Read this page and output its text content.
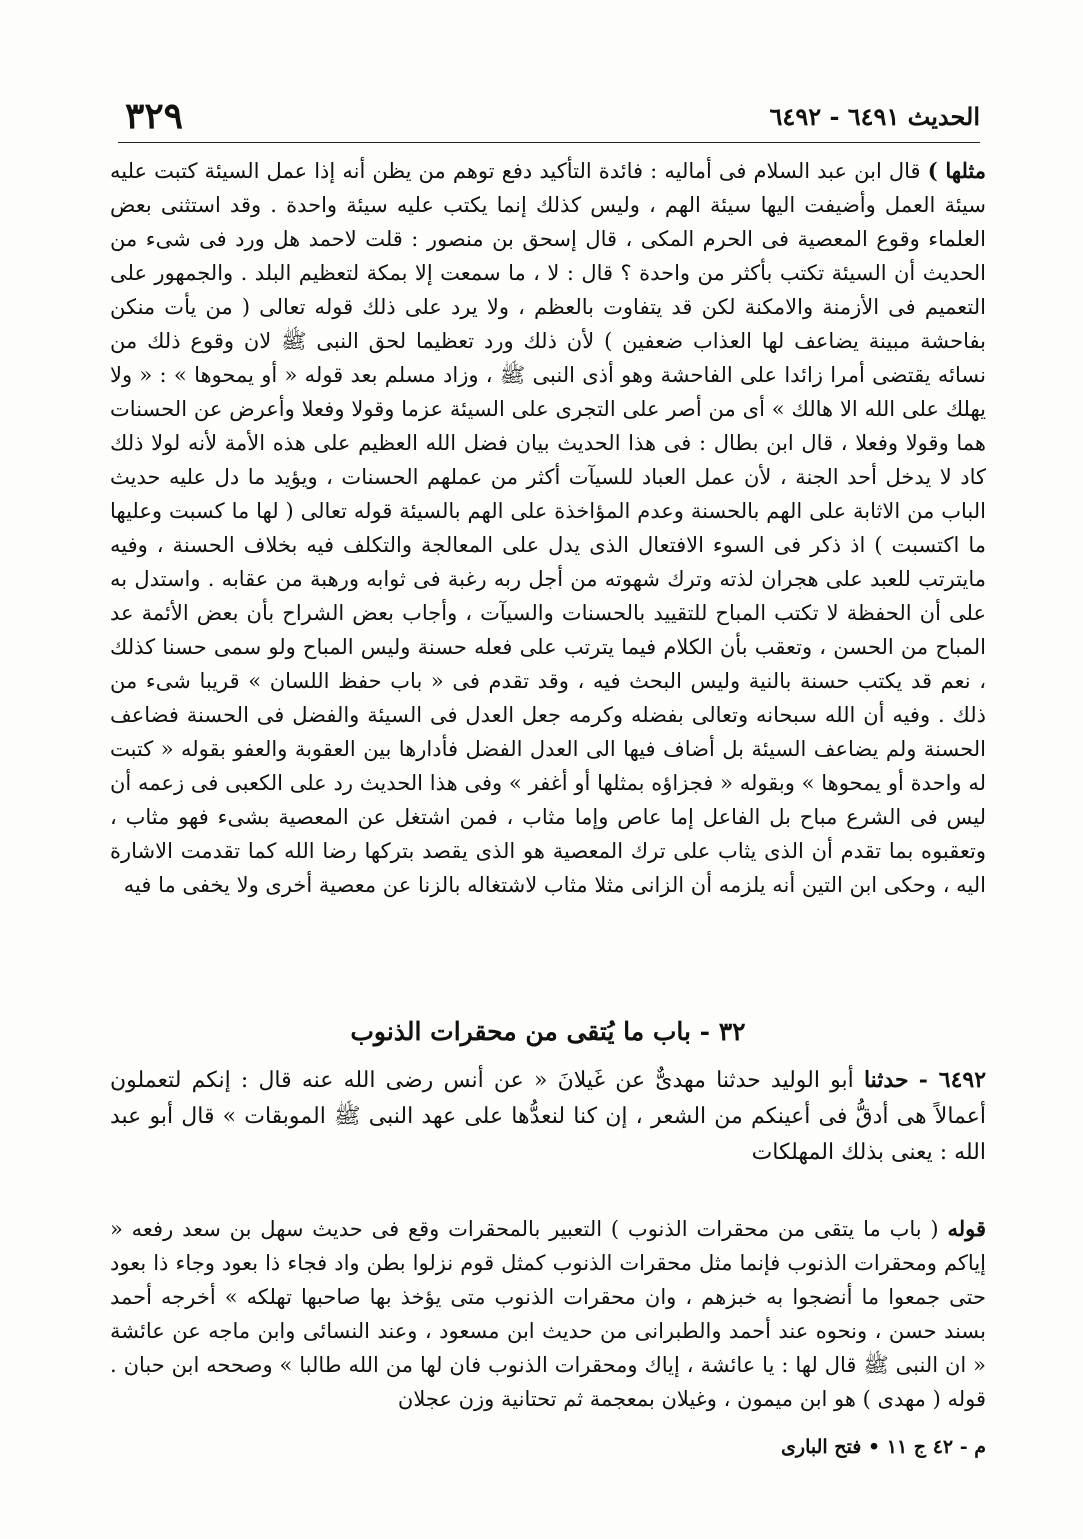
الحديث ٦٤٩١ - ٦٤٩٢
٣٢٩
مثلها ) قال ابن عبد السلام فى أماليه : فائدة التأكيد دفع توهم من يظن أنه إذا عمل السيئة كتبت عليه سيئة العمل وأضيفت اليها سيئة الهم ، وليس كذلك إنما يكتب عليه سيئة واحدة . وقد استثنى بعض العلماء وقوع المعصية فى الحرم المكى ، قال إسحق بن منصور : قلت لاحمد هل ورد فى شىء من الحديث أن السيئة تكتب بأكثر من واحدة ؟ قال : لا ، ما سمعت إلا بمكة لتعظيم البلد . والجمهور على التعميم فى الأزمنة والامكنة لكن قد يتفاوت بالعظم ، ولا يرد على ذلك قوله تعالى ( من يأت منكن بفاحشة مبينة يضاعف لها العذاب ضعفين ) لأن ذلك ورد تعظيما لحق النبى ﷺ لان وقوع ذلك من نسائه يقتضى أمرا زائدا على الفاحشة وهو أذى النبى ﷺ ، وزاد مسلم بعد قوله « أو يمحوها » : « ولا يهلك على الله الا هالك » أى من أصر على التجرى على السيئة عزما وقولا وفعلا وأعرض عن الحسنات هما وقولا وفعلا ، قال ابن بطال : فى هذا الحديث بيان فضل الله العظيم على هذه الأمة لأنه لولا ذلك كاد لا يدخل أحد الجنة ، لأن عمل العباد للسيآت أكثر من عملهم الحسنات ، ويؤيد ما دل عليه حديث الباب من الاثابة على الهم بالحسنة وعدم المؤاخذة على الهم بالسيئة قوله تعالى ( لها ما كسبت وعليها ما اكتسبت ) اذ ذكر فى السوء الافتعال الذى يدل على المعالجة والتكلف فيه بخلاف الحسنة ، وفيه مايترتب للعبد على هجران لذته وترك شهوته من أجل ربه رغبة فى ثوابه ورهبة من عقابه . واستدل به على أن الحفظة لا تكتب المباح للتقييد بالحسنات والسيآت ، وأجاب بعض الشراح بأن بعض الأئمة عد المباح من الحسن ، وتعقب بأن الكلام فيما يترتب على فعله حسنة وليس المباح ولو سمى حسنا كذلك ، نعم قد يكتب حسنة بالنية وليس البحث فيه ، وقد تقدم فى « باب حفظ اللسان » قريبا شىء من ذلك . وفيه أن الله سبحانه وتعالى بفضله وكرمه جعل العدل فى السيئة والفضل فى الحسنة فضاعف الحسنة ولم يضاعف السيئة بل أضاف فيها الى العدل الفضل فأدارها بين العقوبة والعفو بقوله « كتبت له واحدة أو يمحوها » وبقوله « فجزاؤه بمثلها أو أغفر » وفى هذا الحديث رد على الكعبى فى زعمه أن ليس فى الشرع مباح بل الفاعل إما عاص وإما مثاب ، فمن اشتغل عن المعصية بشىء فهو مثاب ، وتعقبوه بما تقدم أن الذى يثاب على ترك المعصية هو الذى يقصد بتركها رضا الله كما تقدمت الاشارة اليه ، وحكى ابن التين أنه يلزمه أن الزانى مثلا مثاب لاشتغاله بالزنا عن معصية أخرى ولا يخفى ما فيه
٣٢ - باب ما يُتقى من محقرات الذنوب
٦٤٩٢ - حدثنا أبو الوليد حدثنا مهدىٌّ عن غَيلانَ « عن أنس رضى الله عنه قال : إنكم لتعملون أعمالاً هى أدقُّ فى أعينكم من الشعر ، إن كنا لنعدُّها على عهد النبى ﷺ الموبقات » قال أبو عبد الله : يعنى بذلك المهلكات
قوله ( باب ما يتقى من محقرات الذنوب ) التعبير بالمحقرات وقع فى حديث سهل بن سعد رفعه « إياكم ومحقرات الذنوب فإنما مثل محقرات الذنوب كمثل قوم نزلوا بطن واد فجاء ذا بعود وجاء ذا بعود حتى جمعوا ما أنضجوا به خبزهم ، وان محقرات الذنوب متى يؤخذ بها صاحبها تهلكه » أخرجه أحمد بسند حسن ، ونحوه عند أحمد والطبرانى من حديث ابن مسعود ، وعند النسائى وابن ماجه عن عائشة « ان النبى ﷺ قال لها : يا عائشة ، إياك ومحقرات الذنوب فان لها من الله طالبا » وصححه ابن حبان . قوله ( مهدى ) هو ابن ميمون ، وغيلان بمعجمة ثم تحتانية وزن عجلان
م - ٤٢ ج ١١ • فتح البارى
